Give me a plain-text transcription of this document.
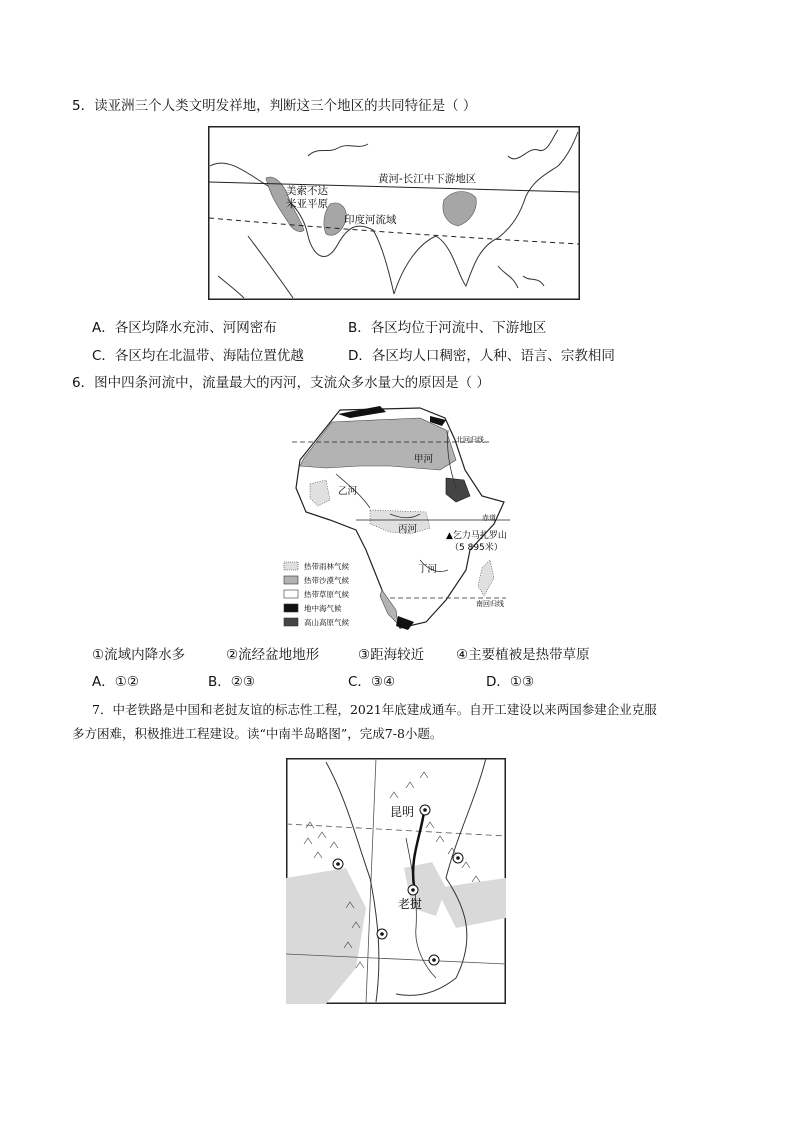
5．读亚洲三个人类文明发祥地，判断这三个地区的共同特征是（ ）
黄河-长江中下游地区
美索不达
米亚平原
印度河流域
A．各区均降水充沛、河网密布	B．各区均位于河流中、下游地区
C．各区均在北温带、海陆位置优越	D．各区均人口稠密，人种、语言、宗教相同
6．图中四条河流中，流量最大的丙河，支流众多水量大的原因是（ ）
北回归线
赤道
南回归线
甲河
乙河
丙河
丁河
▲乞力马扎罗山
（5 895米）
热带雨林气候
热带沙漠气候
热带草原气候
地中海气候
高山高原气候
①流域内降水多	②流经盆地地形	③距海较近 ④主要植被是热带草原
A．①②	B．②③	C．③④	D．①③
7．中老铁路是中国和老挝友谊的标志性工程，2021年底建成通车。自开工建设以来两国参建企业克服
多方困难，积极推进工程建设。读“中南半岛略图”，完成7-8小题。
昆明
老挝
